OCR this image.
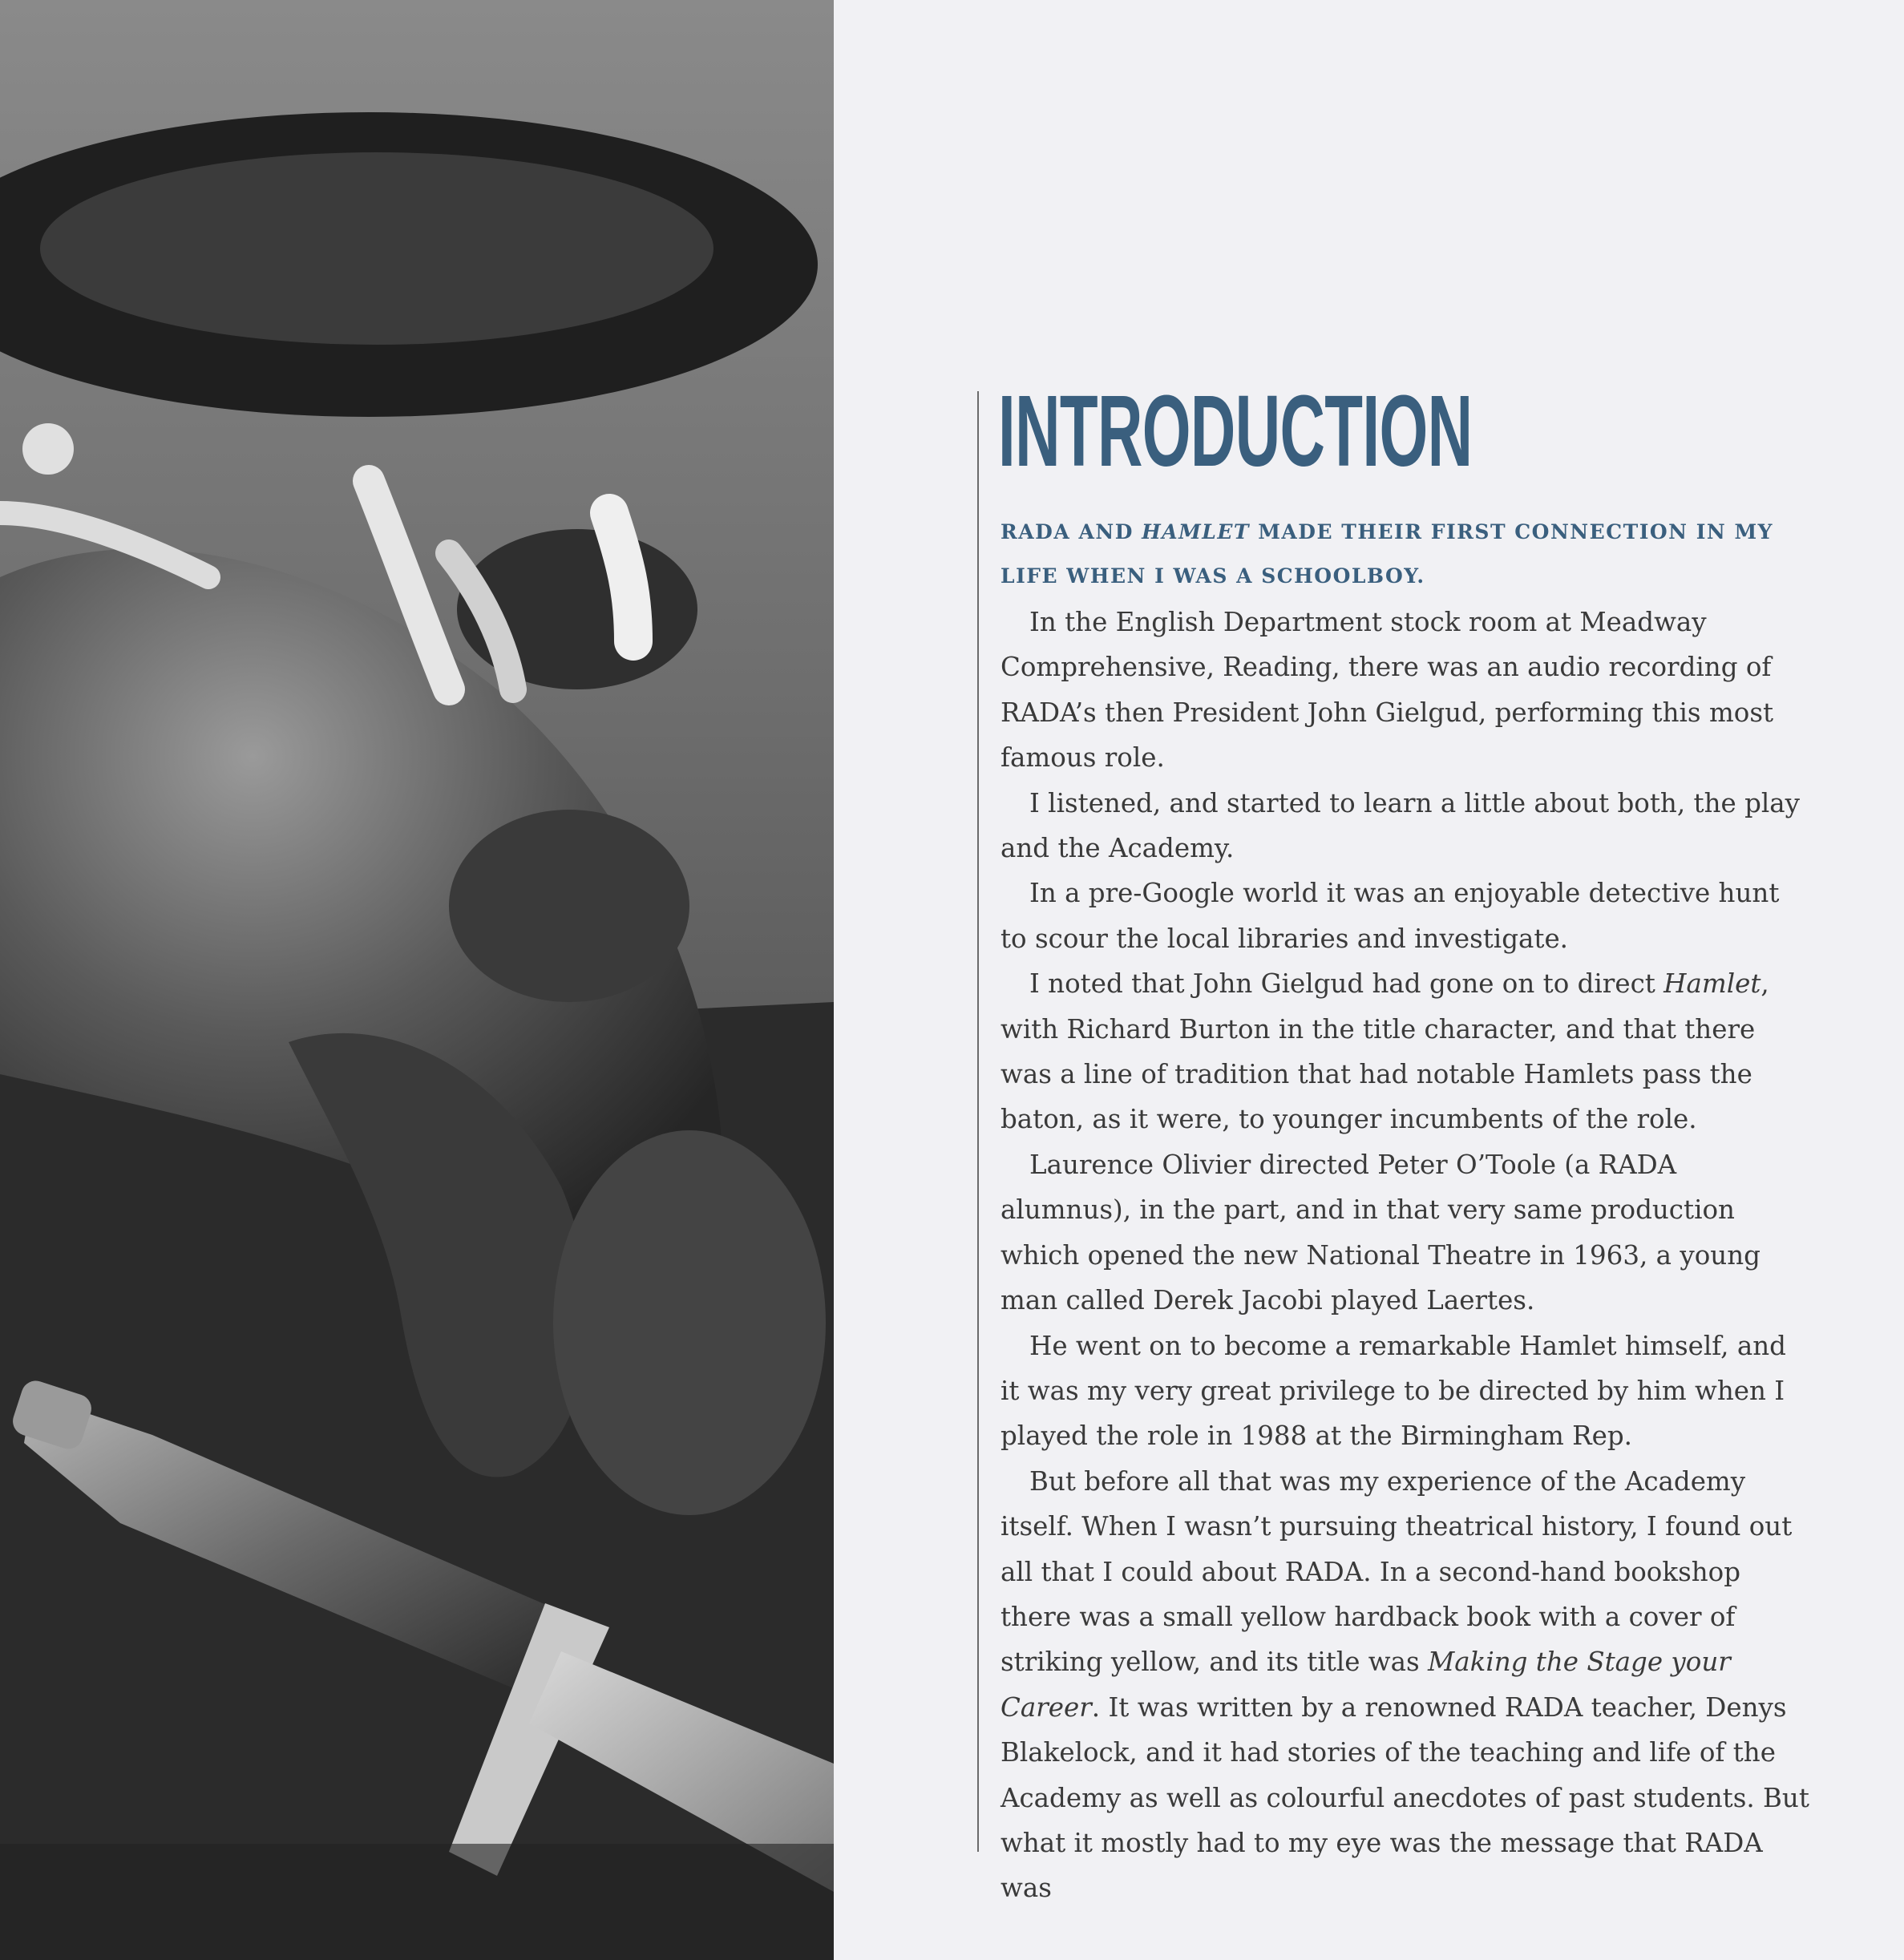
INTRODUCTION

RADA AND HAMLET MADE THEIR FIRST CONNECTION IN MY LIFE WHEN I WAS A SCHOOLBOY.

In the English Department stock room at Meadway Comprehensive, Reading, there was an audio recording of RADA’s then President John Gielgud, performing this most famous role.

I listened, and started to learn a little about both, the play and the Academy.

In a pre-Google world it was an enjoyable detective hunt to scour the local libraries and investigate.

I noted that John Gielgud had gone on to direct Hamlet, with Richard Burton in the title character, and that there was a line of tradition that had notable Hamlets pass the baton, as it were, to younger incumbents of the role.

Laurence Olivier directed Peter O’Toole (a RADA alumnus), in the part, and in that very same production which opened the new National Theatre in 1963, a young man called Derek Jacobi played Laertes.

He went on to become a remarkable Hamlet himself, and it was my very great privilege to be directed by him when I played the role in 1988 at the Birmingham Rep.

But before all that was my experience of the Academy itself. When I wasn’t pursuing theatrical history, I found out all that I could about RADA. In a second-hand bookshop there was a small yellow hardback book with a cover of striking yellow, and its title was Making the Stage your Career. It was written by a renowned RADA teacher, Denys Blakelock, and it had stories of the teaching and life of the Academy as well as colourful anecdotes of past students. But what it mostly had to my eye was the message that RADA was
